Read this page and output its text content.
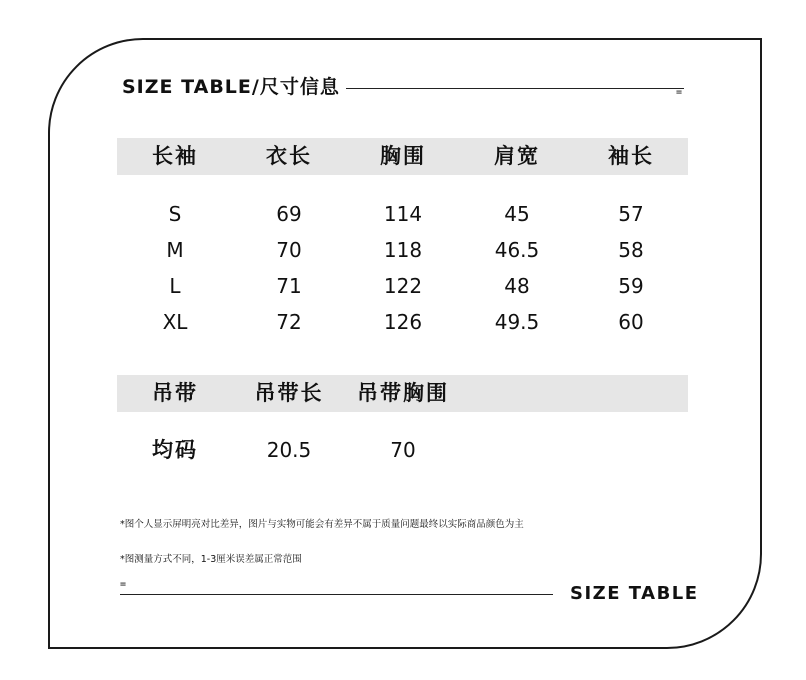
SIZE TABLE/尺寸信息	=
长袖	衣长	胸围	肩宽	袖长
S	69	114	45	57
M	70	118	46.5	58
L	71	122	48	59
XL	72	126	49.5	60
吊带	吊带长	吊带胸围
均码	20.5	70
*图个人显示屏明亮对比差异，图片与实物可能会有差异不属于质量问题最终以实际商品颜色为主
*图测量方式不同，1-3厘米误差属正常范围
=	SIZE TABLE
